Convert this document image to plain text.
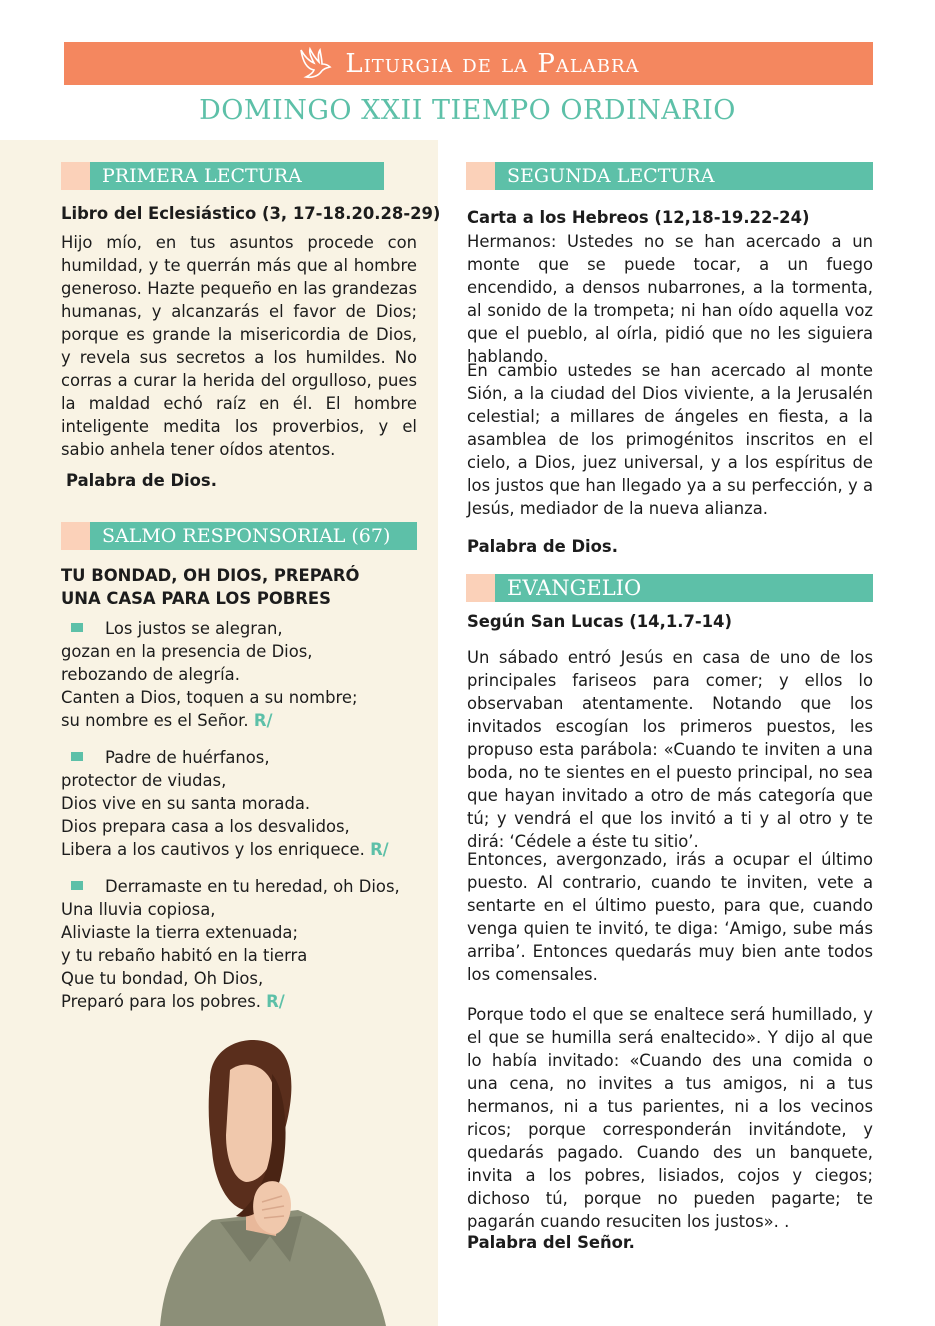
Liturgia de la Palabra
DOMINGO XXII TIEMPO ORDINARIO
PRIMERA LECTURA

Libro del Eclesiástico (3, 17-18.20.28-29)

Hijo mío, en tus asuntos procede con humildad, y te querrán más que al hombre generoso. Hazte pequeño en las grandezas humanas, y alcanzarás el favor de Dios; porque es grande la misericordia de Dios, y revela sus secretos a los humildes. No corras a curar la herida del orgulloso, pues la maldad echó raíz en él. El hombre inteligente medita los proverbios, y el sabio anhela tener oídos atentos.

Palabra de Dios.

SALMO RESPONSORIAL (67)

TU BONDAD, OH DIOS, PREPARÓ
UNA CASA PARA LOS POBRES

Los justos se alegran,
gozan en la presencia de Dios,
rebozando de alegría.
Canten a Dios, toquen a su nombre;
su nombre es el Señor. R/
Padre de huérfanos,
protector de viudas,
Dios vive en su santa morada.
Dios prepara casa a los desvalidos,
Libera a los cautivos y los enriquece. R/
Derramaste en tu heredad, oh Dios,
Una lluvia copiosa,
Aliviaste la tierra extenuada;
y tu rebaño habitó en la tierra
Que tu bondad, Oh Dios,
Preparó para los pobres. R/
SEGUNDA LECTURA

Carta a los Hebreos (12,18-19.22-24)

Hermanos: Ustedes no se han acercado a un monte que se puede tocar, a un fuego encendido, a densos nubarrones, a la tormenta, al sonido de la trompeta; ni han oído aquella voz que el pueblo, al oírla, pidió que no les siguiera hablando.

En cambio ustedes se han acercado al monte Sión, a la ciudad del Dios viviente, a la Jerusalén celestial; a millares de ángeles en fiesta, a la asamblea de los primogénitos inscritos en el cielo, a Dios, juez universal, y a los espíritus de los justos que han llegado ya a su perfección, y a Jesús, mediador de la nueva alianza.

Palabra de Dios.

EVANGELIO

Según San Lucas (14,1.7-14)

Un sábado entró Jesús en casa de uno de los principales fariseos para comer; y ellos lo observaban atentamente. Notando que los invitados escogían los primeros puestos, les propuso esta parábola: «Cuando te inviten a una boda, no te sientes en el puesto principal, no sea que hayan invitado a otro de más categoría que tú; y vendrá el que los invitó a ti y al otro y te dirá: ‘Cédele a éste tu sitio’.

Entonces, avergonzado, irás a ocupar el último puesto. Al contrario, cuando te inviten, vete a sentarte en el último puesto, para que, cuando venga quien te invitó, te diga: ‘Amigo, sube más arriba’. Entonces quedarás muy bien ante todos los comensales.

Porque todo el que se enaltece será humillado, y el que se humilla será enaltecido». Y dijo al que lo había invitado: «Cuando des una comida o una cena, no invites a tus amigos, ni a tus hermanos, ni a tus parientes, ni a los vecinos ricos; porque corresponderán invitándote, y quedarás pagado. Cuando des un banquete, invita a los pobres, lisiados, cojos y ciegos; dichoso tú, porque no pueden pagarte; te pagarán cuando resuciten los justos». .

Palabra del Señor.
